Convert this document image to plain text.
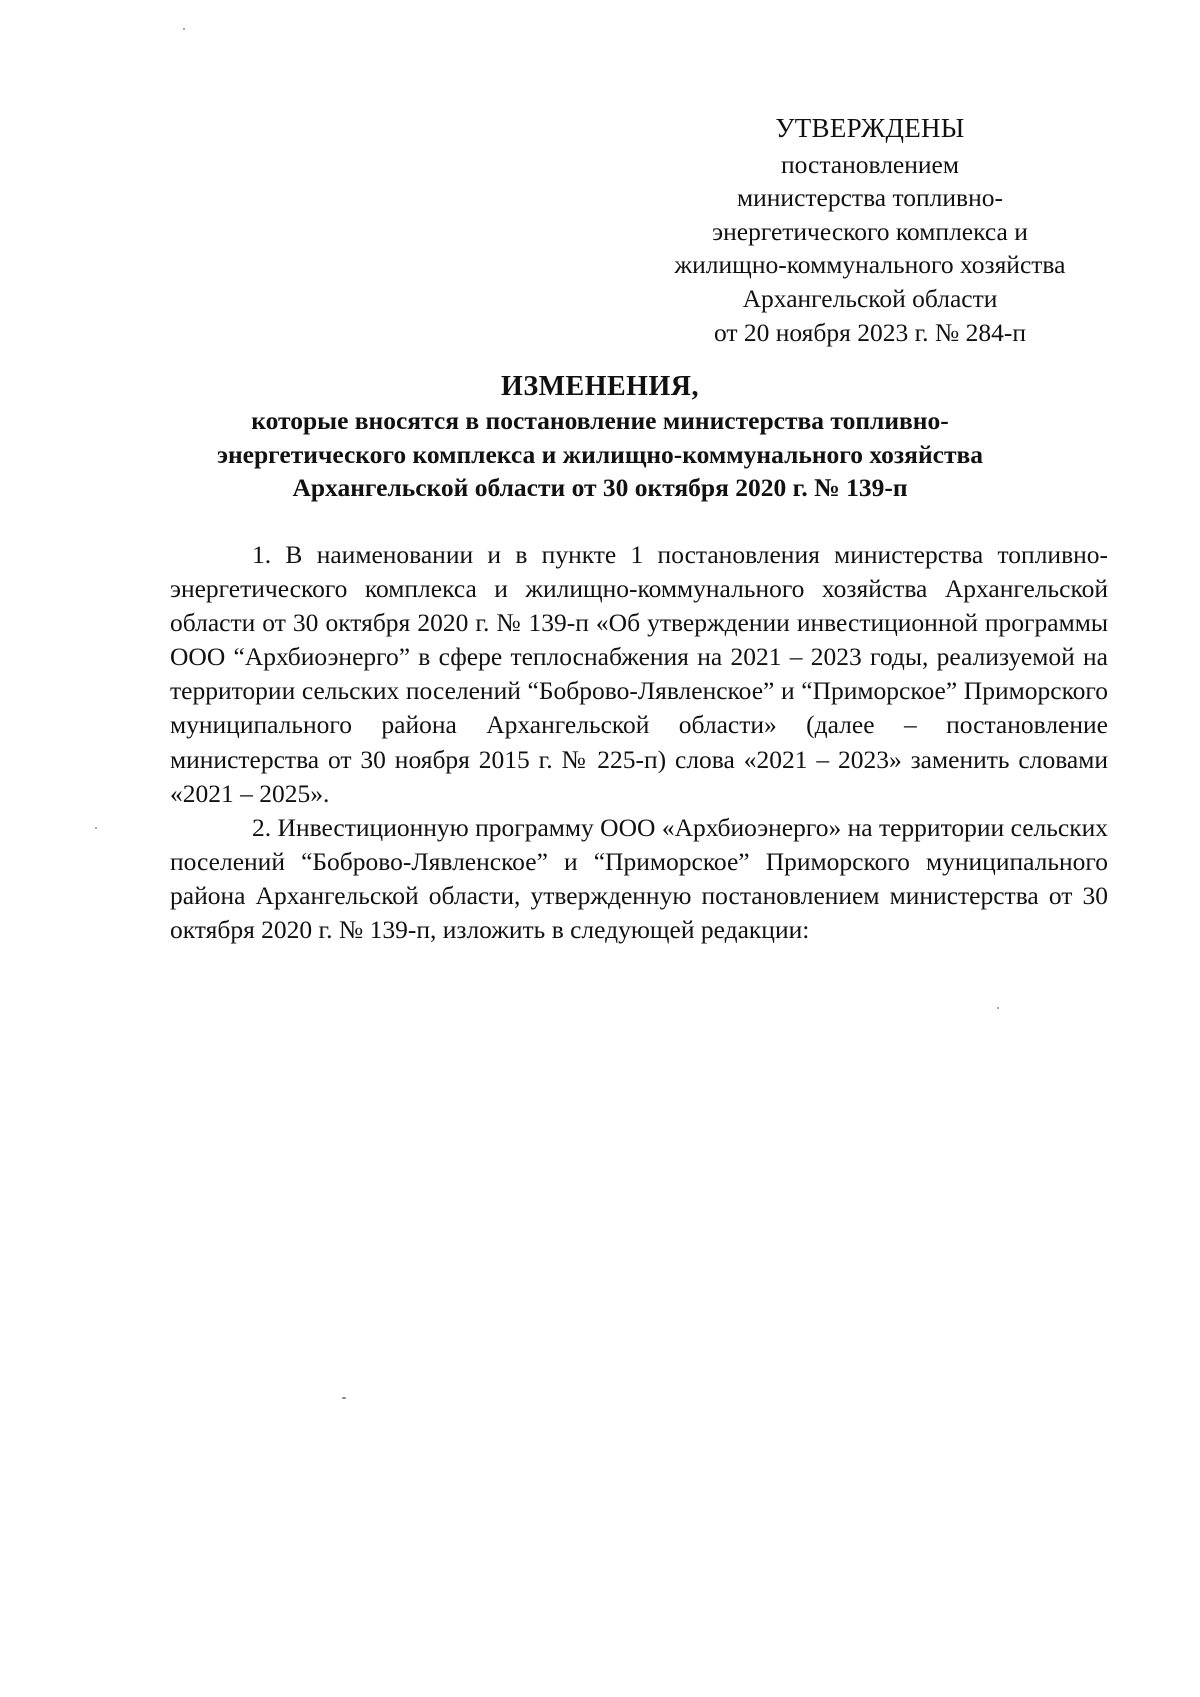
УТВЕРЖДЕНЫ
постановлением
министерства топливно-
энергетического комплекса и
жилищно-коммунального хозяйства
Архангельской области
от 20 ноября 2023 г. № 284-п
ИЗМЕНЕНИЯ,
которые вносятся в постановление министерства топливно-
энергетического комплекса и жилищно-коммунального хозяйства
Архангельской области от 30 октября 2020 г. № 139-п

1. В наименовании и в пункте 1 постановления министерства топливно-энергетического комплекса и жилищно-коммунального хозяйства Архангельской области от 30 октября 2020 г. № 139-п «Об утверждении инвестиционной программы ООО “Архбиоэнерго” в сфере теплоснабжения на 2021 – 2023 годы, реализуемой на территории сельских поселений “Боброво-Лявленское” и “Приморское” Приморского муниципального района Архангельской области» (далее – постановление министерства от 30 ноября 2015 г. № 225-п) слова «2021 – 2023» заменить словами «2021 – 2025».

2. Инвестиционную программу ООО «Архбиоэнерго» на территории сельских поселений “Боброво-Лявленское” и “Приморское” Приморского муниципального района Архангельской области, утвержденную постановлением министерства от 30 октября 2020 г. № 139-п, изложить в следующей редакции:
